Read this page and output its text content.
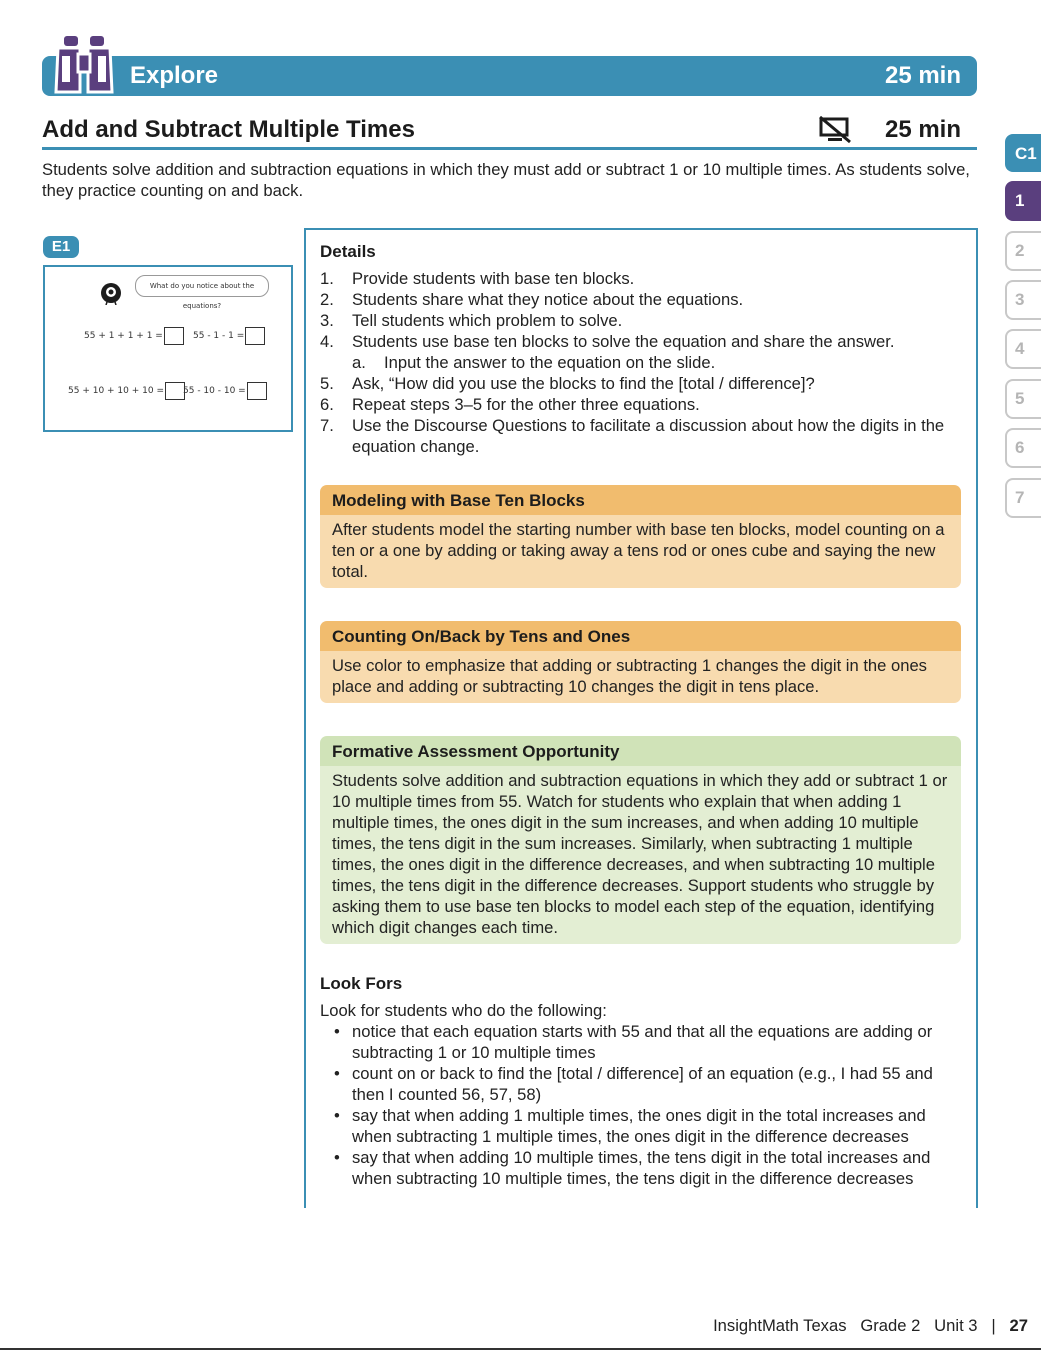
Explore	25 min
Add and Subtract Multiple Times	25 min
Students solve addition and subtraction equations in which they must add or subtract 1 or 10 multiple times. As students solve, they practice counting on and back.
C1
1
2
3
4
5
6
7
E1
What do you notice about the equations?
55 + 1 + 1 + 1 =	55 - 1 - 1 =
55 + 10 + 10 + 10 = 55 - 10 - 10 =
Details
1. Provide students with base ten blocks.
2. Students share what they notice about the equations.
3. Tell students which problem to solve.
4. Students use base ten blocks to solve the equation and share the answer.
a. Input the answer to the equation on the slide.
5. Ask, “How did you use the blocks to find the [total / difference]?
6. Repeat steps 3–5 for the other three equations.
7. Use the Discourse Questions to facilitate a discussion about how the digits in the equation change.
Modeling with Base Ten Blocks
After students model the starting number with base ten blocks, model counting on a ten or a one by adding or taking away a tens rod or ones cube and saying the new total.
Counting On/Back by Tens and Ones
Use color to emphasize that adding or subtracting 1 changes the digit in the ones place and adding or subtracting 10 changes the digit in tens place.
Formative Assessment Opportunity
Students solve addition and subtraction equations in which they add or subtract 1 or 10 multiple times from 55. Watch for students who explain that when adding 1 multiple times, the ones digit in the sum increases, and when adding 10 multiple times, the tens digit in the sum increases. Similarly, when subtracting 1 multiple times, the ones digit in the difference decreases, and when subtracting 10 multiple times, the tens digit in the difference decreases. Support students who struggle by asking them to use base ten blocks to model each step of the equation, identifying which digit changes each time.
Look Fors
Look for students who do the following:
• notice that each equation starts with 55 and that all the equations are adding or subtracting 1 or 10 multiple times
• count on or back to find the [total / difference] of an equation (e.g., I had 55 and then I counted 56, 57, 58)
• say that when adding 1 multiple times, the ones digit in the total increases and when subtracting 1 multiple times, the ones digit in the difference decreases
• say that when adding 10 multiple times, the tens digit in the total increases and when subtracting 10 multiple times, the tens digit in the difference decreases
InsightMath Texas Grade 2 Unit 3 | 27
